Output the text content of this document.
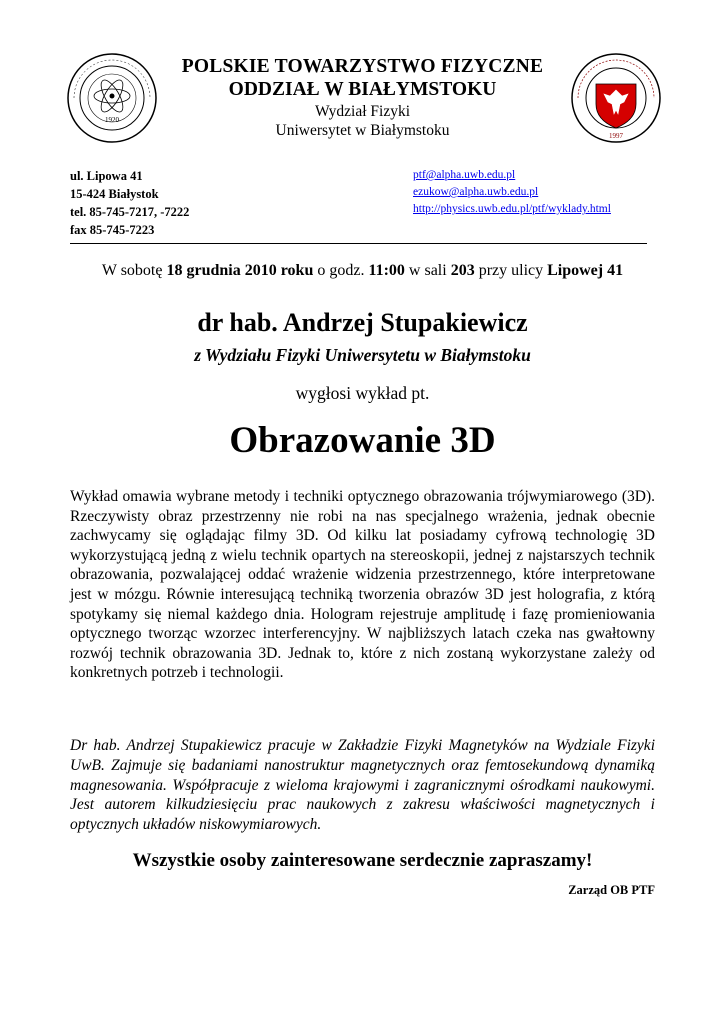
1920
1997
POLSKIE TOWARZYSTWO FIZYCZNE
ODDZIAŁ W BIAŁYMSTOKU
Wydział Fizyki
Uniwersytet w Białymstoku
ul. Lipowa 41
15-424 Białystok
tel. 85-745-7217, -7222
fax 85-745-7223
ptf@alpha.uwb.edu.pl
ezukow@alpha.uwb.edu.pl
http://physics.uwb.edu.pl/ptf/wyklady.html
W sobotę 18 grudnia 2010 roku o godz. 11:00 w sali 203 przy ulicy Lipowej 41
dr hab. Andrzej Stupakiewicz
z Wydziału Fizyki Uniwersytetu w Białymstoku
wygłosi wykład pt.
Obrazowanie 3D
Wykład omawia wybrane metody i techniki optycznego obrazowania trójwymiarowego (3D). Rzeczywisty obraz przestrzenny nie robi na nas specjalnego wrażenia, jednak obecnie zachwycamy się oglądając filmy 3D. Od kilku lat posiadamy cyfrową technologię 3D wykorzystującą jedną z wielu technik opartych na stereoskopii, jednej z najstarszych technik obrazowania, pozwalającej oddać wrażenie widzenia przestrzennego, które interpretowane jest w mózgu. Równie interesującą techniką tworzenia obrazów 3D jest holografia, z którą spotykamy się niemal każdego dnia. Hologram rejestruje amplitudę i fazę promieniowania optycznego tworząc wzorzec interferencyjny. W najbliższych latach czeka nas gwałtowny rozwój technik obrazowania 3D. Jednak to, które z nich zostaną wykorzystane zależy od konkretnych potrzeb i technologii.
Dr hab. Andrzej Stupakiewicz pracuje w Zakładzie Fizyki Magnetyków na Wydziale Fizyki UwB. Zajmuje się badaniami nanostruktur magnetycznych oraz femtosekundową dynamiką magnesowania. Współpracuje z wieloma krajowymi i zagranicznymi ośrodkami naukowymi. Jest autorem kilkudziesięciu prac naukowych z zakresu właściwości magnetycznych i optycznych układów niskowymiarowych.
Wszystkie osoby zainteresowane serdecznie zapraszamy!
Zarząd OB PTF
